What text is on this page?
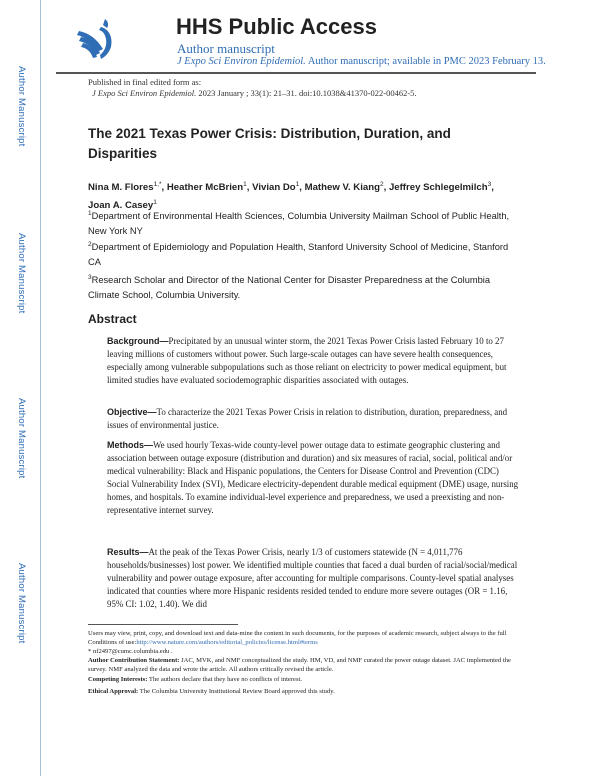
Author Manuscript
Author Manuscript
Author Manuscript
Author Manuscript
HHS Public Access
Author manuscript
J Expo Sci Environ Epidemiol. Author manuscript; available in PMC 2023 February 13.
Published in final edited form as:
J Expo Sci Environ Epidemiol. 2023 January ; 33(1): 21–31. doi:10.1038&41370-022-00462-5.
The 2021 Texas Power Crisis: Distribution, Duration, and Disparities
Nina M. Flores$^{1,*}$, Heather McBrien$^1$, Vivian Do$^1$, Mathew V. Kiang$^2$, Jeffrey Schlegelmilch$^3$, Joan A. Casey$^1$
$^1$Department of Environmental Health Sciences, Columbia University Mailman School of Public Health, New York NY
$^2$Department of Epidemiology and Population Health, Stanford University School of Medicine, Stanford CA
$^3$Research Scholar and Director of the National Center for Disaster Preparedness at the Columbia Climate School, Columbia University.
Abstract
Background—Precipitated by an unusual winter storm, the 2021 Texas Power Crisis lasted February 10 to 27 leaving millions of customers without power. Such large-scale outages can have severe health consequences, especially among vulnerable subpopulations such as those reliant on electricity to power medical equipment, but limited studies have evaluated sociodemographic disparities associated with outages.
Objective—To characterize the 2021 Texas Power Crisis in relation to distribution, duration, preparedness, and issues of environmental justice.
Methods—We used hourly Texas-wide county-level power outage data to estimate geographic clustering and association between outage exposure (distribution and duration) and six measures of racial, social, political and/or medical vulnerability: Black and Hispanic populations, the Centers for Disease Control and Prevention (CDC) Social Vulnerability Index (SVI), Medicare electricity-dependent durable medical equipment (DME) usage, nursing homes, and hospitals. To examine individual-level experience and preparedness, we used a preexisting and non-representative internet survey.
Results—At the peak of the Texas Power Crisis, nearly 1/3 of customers statewide (N = 4,011,776 households/businesses) lost power. We identified multiple counties that faced a dual burden of racial/social/medical vulnerability and power outage exposure, after accounting for multiple comparisons. County-level spatial analyses indicated that counties where more Hispanic residents resided tended to endure more severe outages (OR = 1.16, 95% CI: 1.02, 1.40). We did
Users may view, print, copy, and download text and data-mine the content in such documents, for the purposes of academic research, subject always to the full Conditions of use:http://www.nature.com/authors/editorial_policies/license.html#terms
* nf2497@cumc.columbia.edu .
Author Contribution Statement: JAC, MVK, and NMF conceptualized the study. HM, VD, and NMF curated the power outage dataset. JAC implemented the survey. NMF analyzed the data and wrote the article. All authors critically revised the article.
Competing Interests: The authors declare that they have no conflicts of interest.
Ethical Approval: The Columbia University Institutional Review Board approved this study.
